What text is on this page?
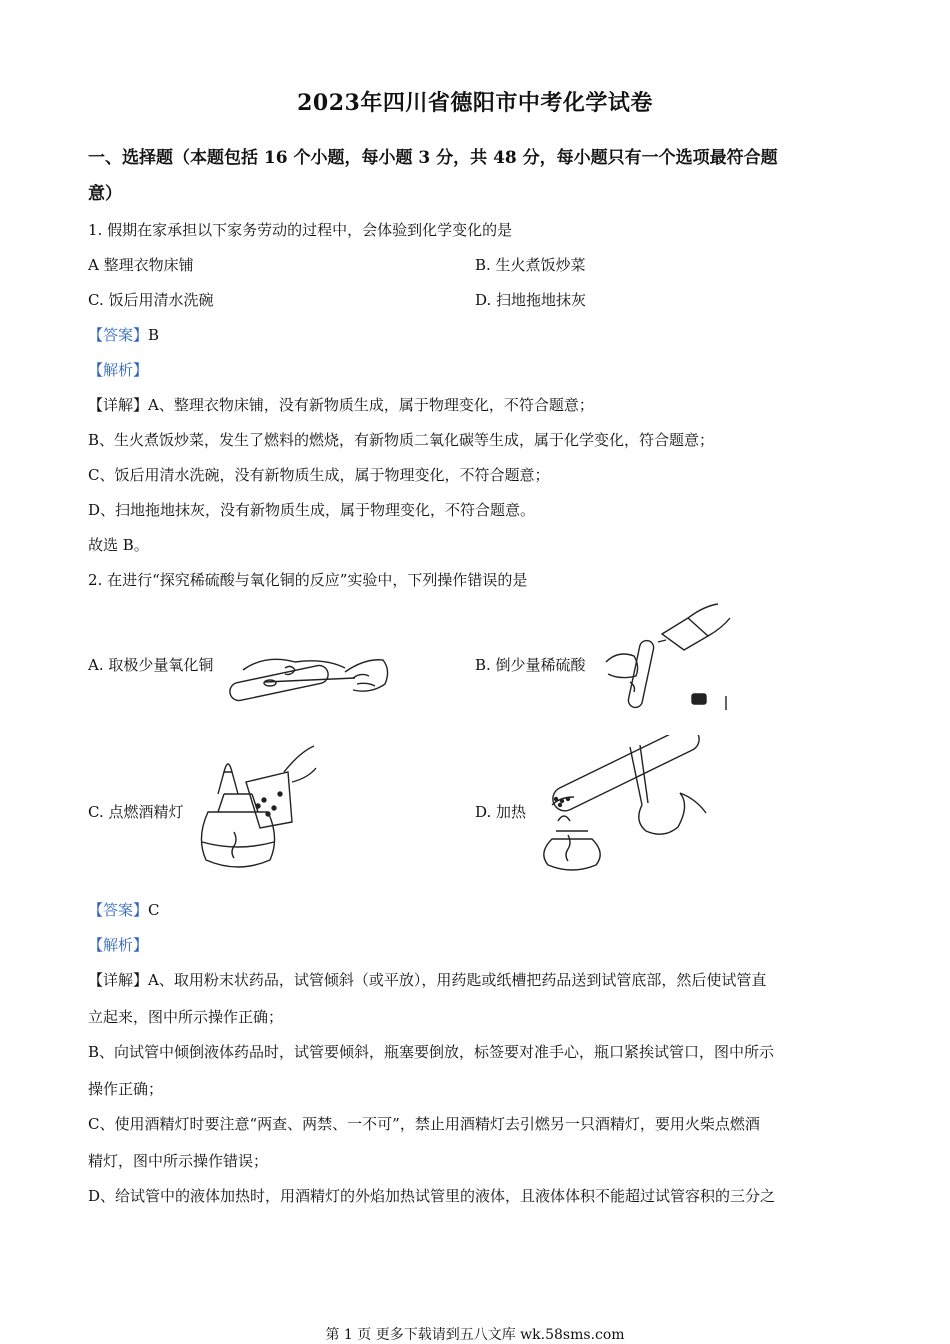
2023年四川省德阳市中考化学试卷
一、选择题（本题包括 16 个小题，每小题 3 分，共 48 分，每小题只有一个选项最符合题
意）
1. 假期在家承担以下家务劳动的过程中，会体验到化学变化的是
A 整理衣物床铺	B. 生火煮饭炒菜
C. 饭后用清水洗碗	D. 扫地拖地抹灰
【答案】B
【解析】
【详解】A、整理衣物床铺，没有新物质生成，属于物理变化，不符合题意；
B、生火煮饭炒菜，发生了燃料的燃烧，有新物质二氧化碳等生成，属于化学变化，符合题意；
C、饭后用清水洗碗，没有新物质生成，属于物理变化，不符合题意；
D、扫地拖地抹灰，没有新物质生成，属于物理变化，不符合题意。
故选 B。
2. 在进行“探究稀硫酸与氧化铜的反应”实验中，下列操作错误的是
A. 取极少量氧化铜	B. 倒少量稀硫酸
C. 点燃酒精灯	D. 加热
【答案】C
【解析】
【详解】A、取用粉末状药品，试管倾斜（或平放），用药匙或纸槽把药品送到试管底部，然后使试管直
立起来，图中所示操作正确；
B、向试管中倾倒液体药品时，试管要倾斜，瓶塞要倒放，标签要对准手心，瓶口紧挨试管口，图中所示
操作正确；
C、使用酒精灯时要注意“两查、两禁、一不可”，禁止用酒精灯去引燃另一只酒精灯，要用火柴点燃酒
精灯，图中所示操作错误；
D、给试管中的液体加热时，用酒精灯的外焰加热试管里的液体，且液体体积不能超过试管容积的三分之
第 1 页 更多下载请到五八文库 wk.58sms.com
